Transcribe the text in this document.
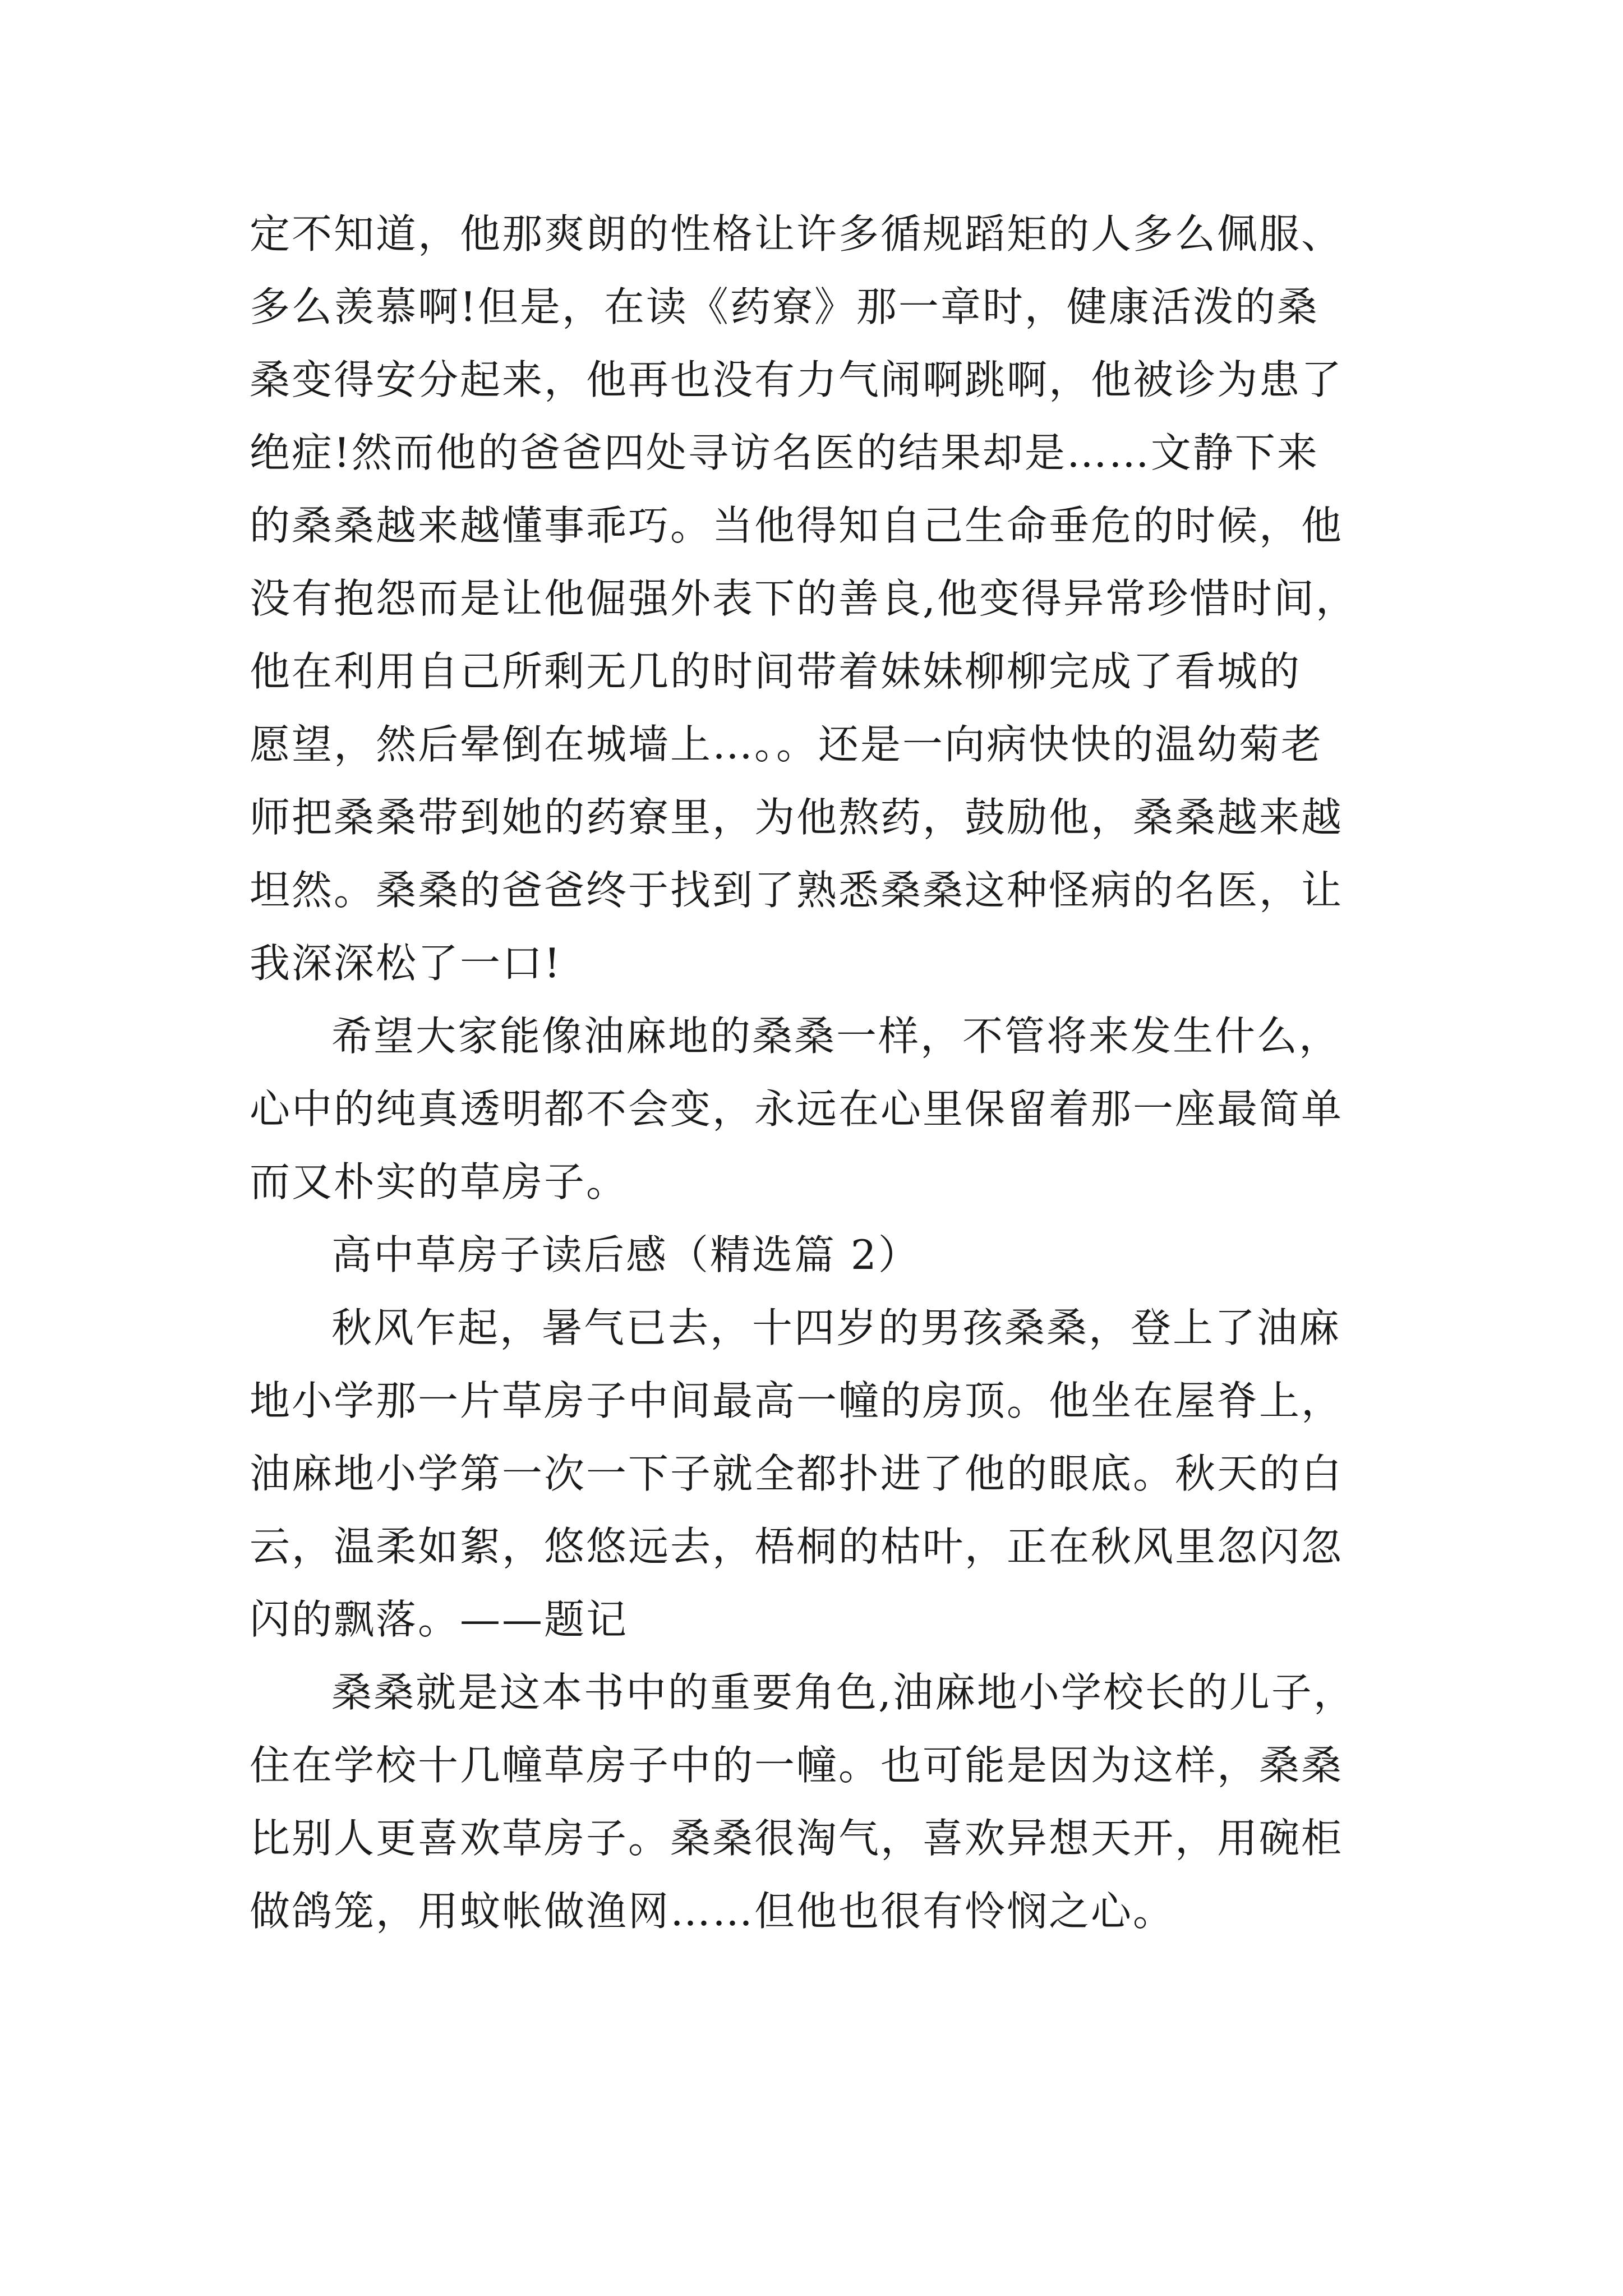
定不知道，他那爽朗的性格让许多循规蹈矩的人多么佩服、
多么羡慕啊!但是，在读《药寮》那一章时，健康活泼的桑
桑变得安分起来，他再也没有力气闹啊跳啊，他被诊为患了
绝症!然而他的爸爸四处寻访名医的结果却是……文静下来
的桑桑越来越懂事乖巧。当他得知自己生命垂危的时候，他
没有抱怨而是让他倔强外表下的善良,他变得异常珍惜时间，
他在利用自己所剩无几的时间带着妹妹柳柳完成了看城的
愿望，然后晕倒在城墙上…。。还是一向病快快的温幼菊老
师把桑桑带到她的药寮里，为他熬药，鼓励他，桑桑越来越
坦然。桑桑的爸爸终于找到了熟悉桑桑这种怪病的名医，让
我深深松了一口!
希望大家能像油麻地的桑桑一样，不管将来发生什么，
心中的纯真透明都不会变，永远在心里保留着那一座最简单
而又朴实的草房子。
高中草房子读后感（精选篇 2）
秋风乍起，暑气已去，十四岁的男孩桑桑，登上了油麻
地小学那一片草房子中间最高一幢的房顶。他坐在屋脊上，
油麻地小学第一次一下子就全都扑进了他的眼底。秋天的白
云，温柔如絮，悠悠远去，梧桐的枯叶，正在秋风里忽闪忽
闪的飘落。——题记
桑桑就是这本书中的重要角色,油麻地小学校长的儿子，
住在学校十几幢草房子中的一幢。也可能是因为这样，桑桑
比别人更喜欢草房子。桑桑很淘气，喜欢异想天开，用碗柜
做鸽笼，用蚊帐做渔网……但他也很有怜悯之心。
